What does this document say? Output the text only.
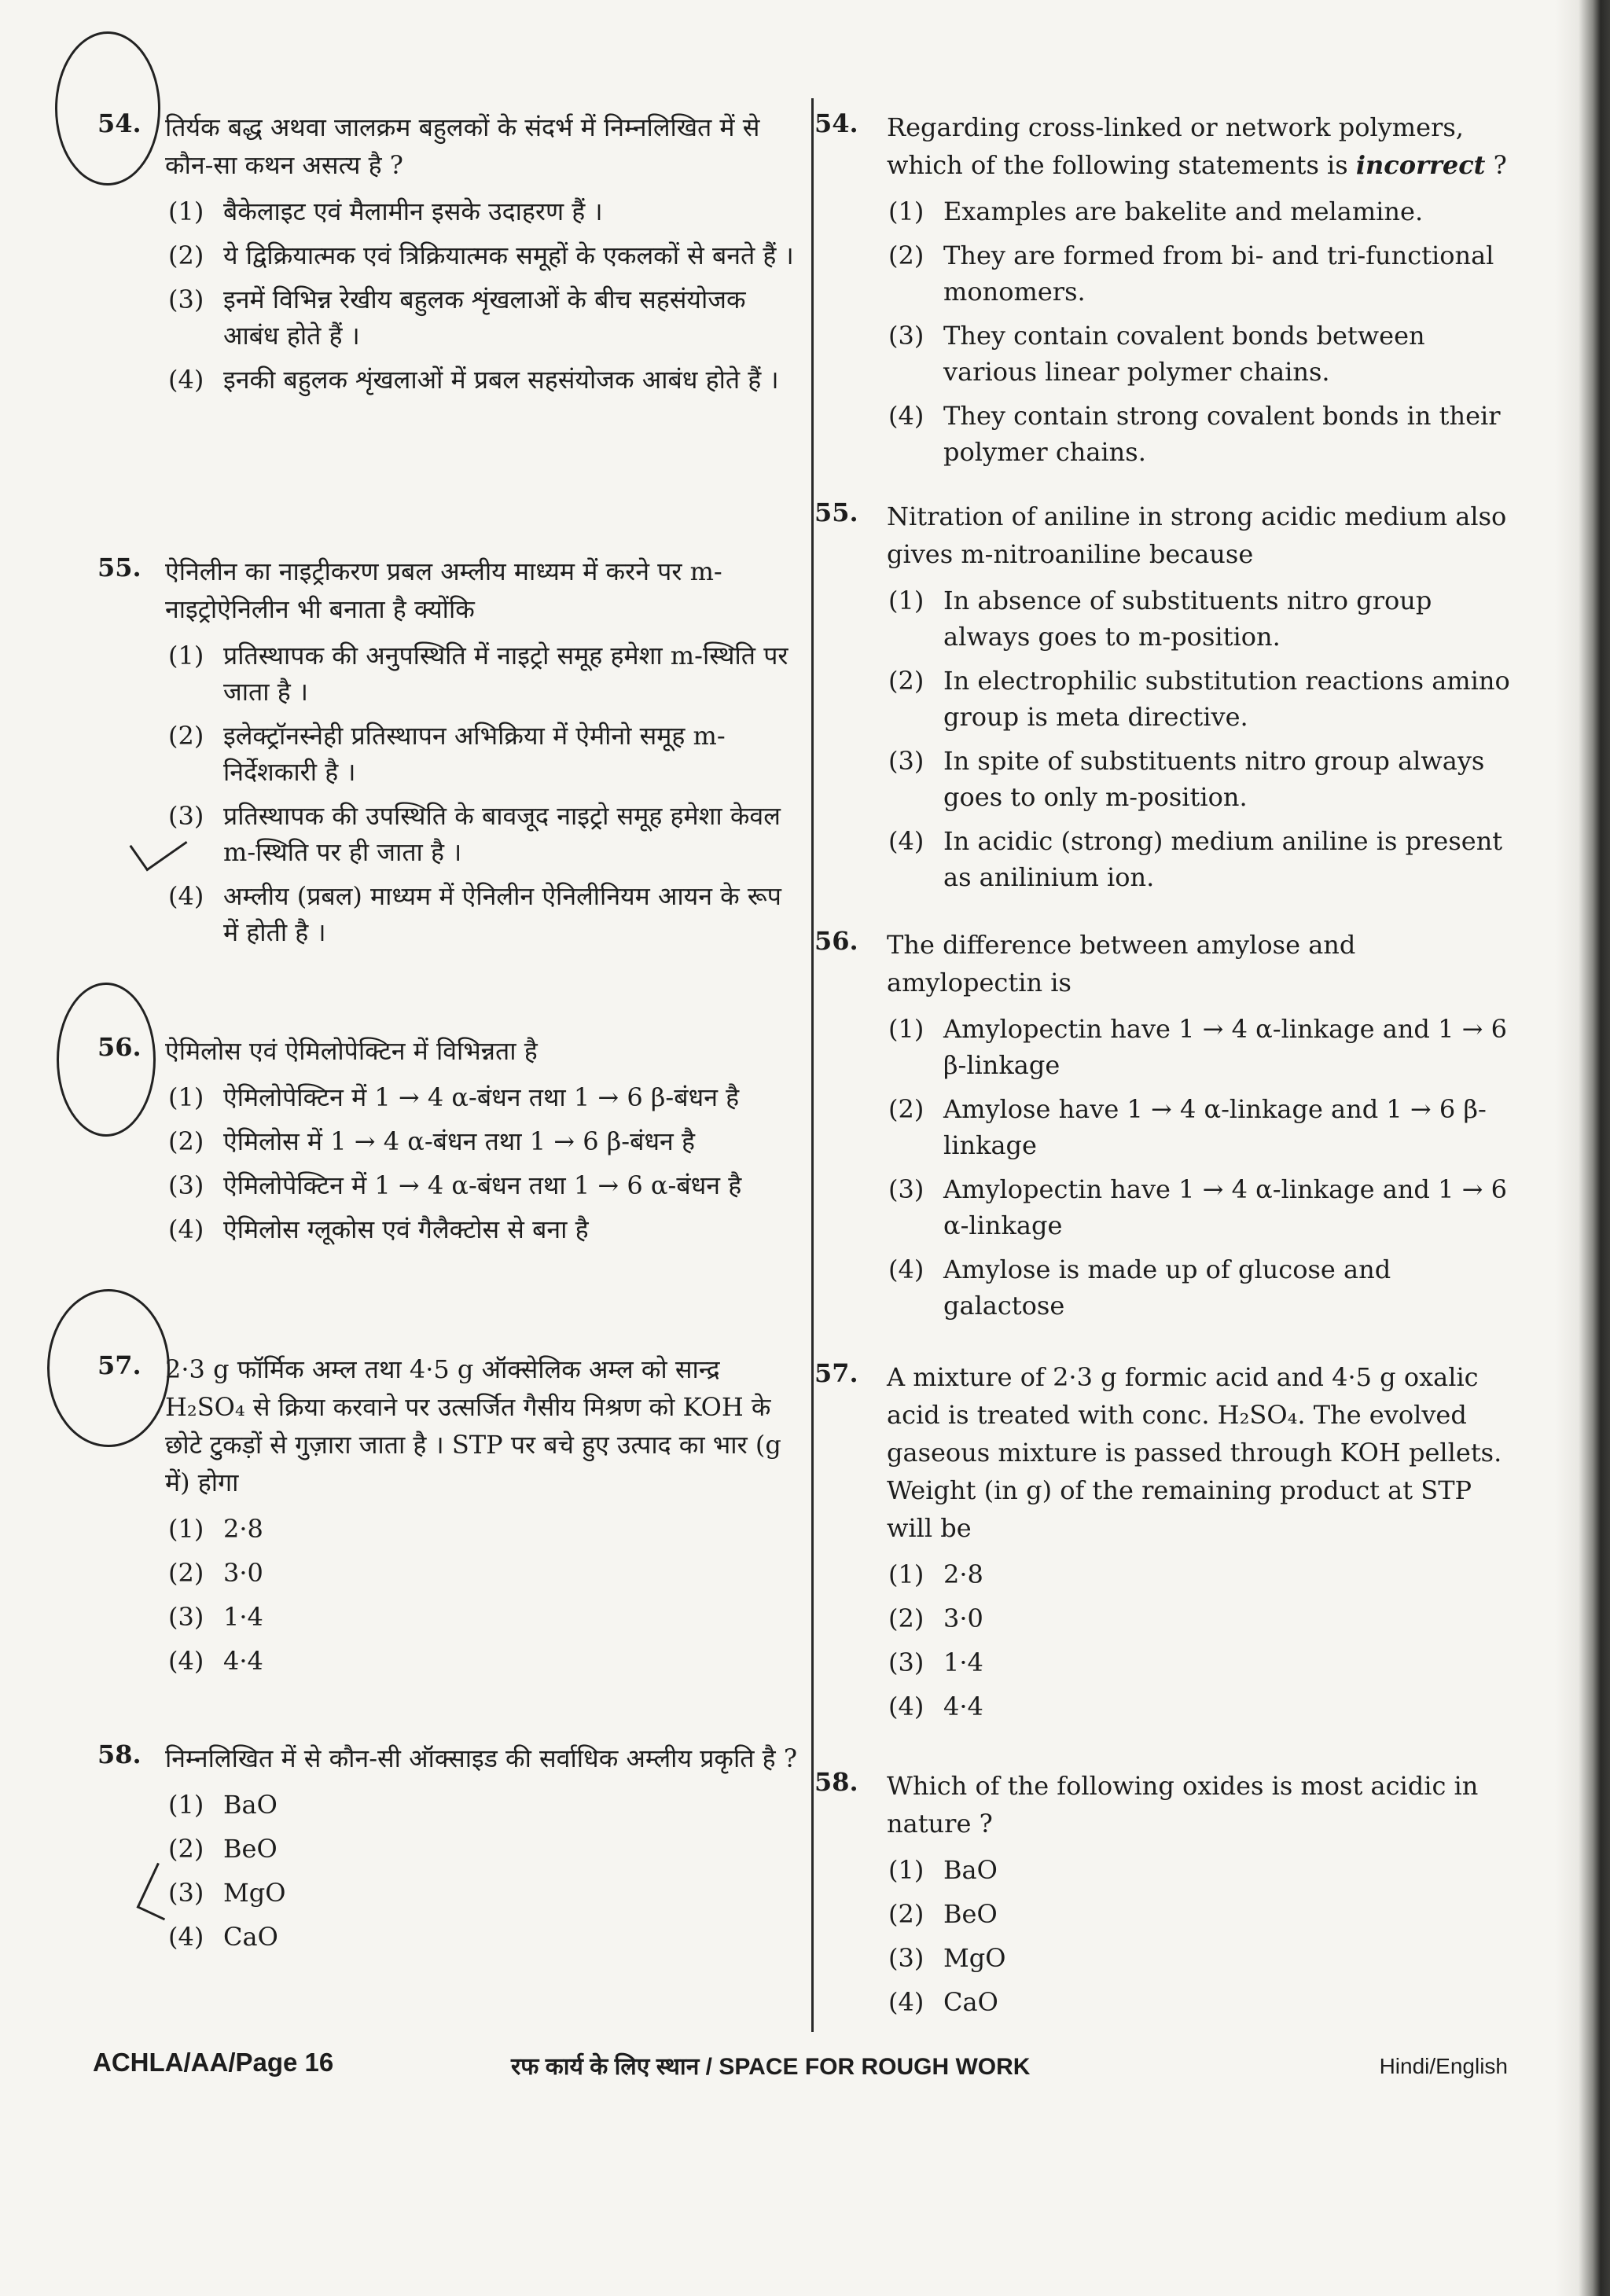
54. तिर्यक बद्ध अथवा जालक्रम बहुलकों के संदर्भ में निम्नलिखित में से कौन-सा कथन असत्य है ?
(1) बैकेलाइट एवं मैलामीन इसके उदाहरण हैं ।
(2) ये द्विक्रियात्मक एवं त्रिक्रियात्मक समूहों के एकलकों से बनते हैं ।
(3) इनमें विभिन्न रेखीय बहुलक शृंखलाओं के बीच सहसंयोजक आबंध होते हैं ।
(4) इनकी बहुलक शृंखलाओं में प्रबल सहसंयोजक आबंध होते हैं ।
55. ऐनिलीन का नाइट्रीकरण प्रबल अम्लीय माध्यम में करने पर m-नाइट्रोऐनिलीन भी बनाता है क्योंकि
(1) प्रतिस्थापक की अनुपस्थिति में नाइट्रो समूह हमेशा m-स्थिति पर जाता है ।
(2) इलेक्ट्रॉनस्नेही प्रतिस्थापन अभिक्रिया में ऐमीनो समूह m-निर्देशकारी है ।
(3) प्रतिस्थापक की उपस्थिति के बावजूद नाइट्रो समूह हमेशा केवल m-स्थिति पर ही जाता है ।
(4) अम्लीय (प्रबल) माध्यम में ऐनिलीन ऐनिलीनियम आयन के रूप में होती है ।
56. ऐमिलोस एवं ऐमिलोपेक्टिन में विभिन्नता है
(1) ऐमिलोपेक्टिन में 1 → 4 α-बंधन तथा 1 → 6 β-बंधन है
(2) ऐमिलोस में 1 → 4 α-बंधन तथा 1 → 6 β-बंधन है
(3) ऐमिलोपेक्टिन में 1 → 4 α-बंधन तथा 1 → 6 α-बंधन है
(4) ऐमिलोस ग्लूकोस एवं गैलैक्टोस से बना है
57. 2·3 g फॉर्मिक अम्ल तथा 4·5 g ऑक्सेलिक अम्ल को सान्द्र H₂SO₄ से क्रिया करवाने पर उत्सर्जित गैसीय मिश्रण को KOH के छोटे टुकड़ों से गुज़ारा जाता है । STP पर बचे हुए उत्पाद का भार (g में) होगा
(1) 2·8
(2) 3·0
(3) 1·4
(4) 4·4
58. निम्नलिखित में से कौन-सी ऑक्साइड की सर्वाधिक अम्लीय प्रकृति है ?
(1) BaO
(2) BeO
(3) MgO
(4) CaO
54. Regarding cross-linked or network polymers, which of the following statements is incorrect ?
(1) Examples are bakelite and melamine.
(2) They are formed from bi- and tri-functional monomers.
(3) They contain covalent bonds between various linear polymer chains.
(4) They contain strong covalent bonds in their polymer chains.
55. Nitration of aniline in strong acidic medium also gives m-nitroaniline because
(1) In absence of substituents nitro group always goes to m-position.
(2) In electrophilic substitution reactions amino group is meta directive.
(3) In spite of substituents nitro group always goes to only m-position.
(4) In acidic (strong) medium aniline is present as anilinium ion.
56. The difference between amylose and amylopectin is
(1) Amylopectin have 1 → 4 α-linkage and 1 → 6 β-linkage
(2) Amylose have 1 → 4 α-linkage and 1 → 6 β-linkage
(3) Amylopectin have 1 → 4 α-linkage and 1 → 6 α-linkage
(4) Amylose is made up of glucose and galactose
57. A mixture of 2·3 g formic acid and 4·5 g oxalic acid is treated with conc. H₂SO₄. The evolved gaseous mixture is passed through KOH pellets. Weight (in g) of the remaining product at STP will be
(1) 2·8
(2) 3·0
(3) 1·4
(4) 4·4
58. Which of the following oxides is most acidic in nature ?
(1) BaO
(2) BeO
(3) MgO
(4) CaO
ACHLA/AA/Page 16	रफ कार्य के लिए स्थान / SPACE FOR ROUGH WORK	Hindi/English
